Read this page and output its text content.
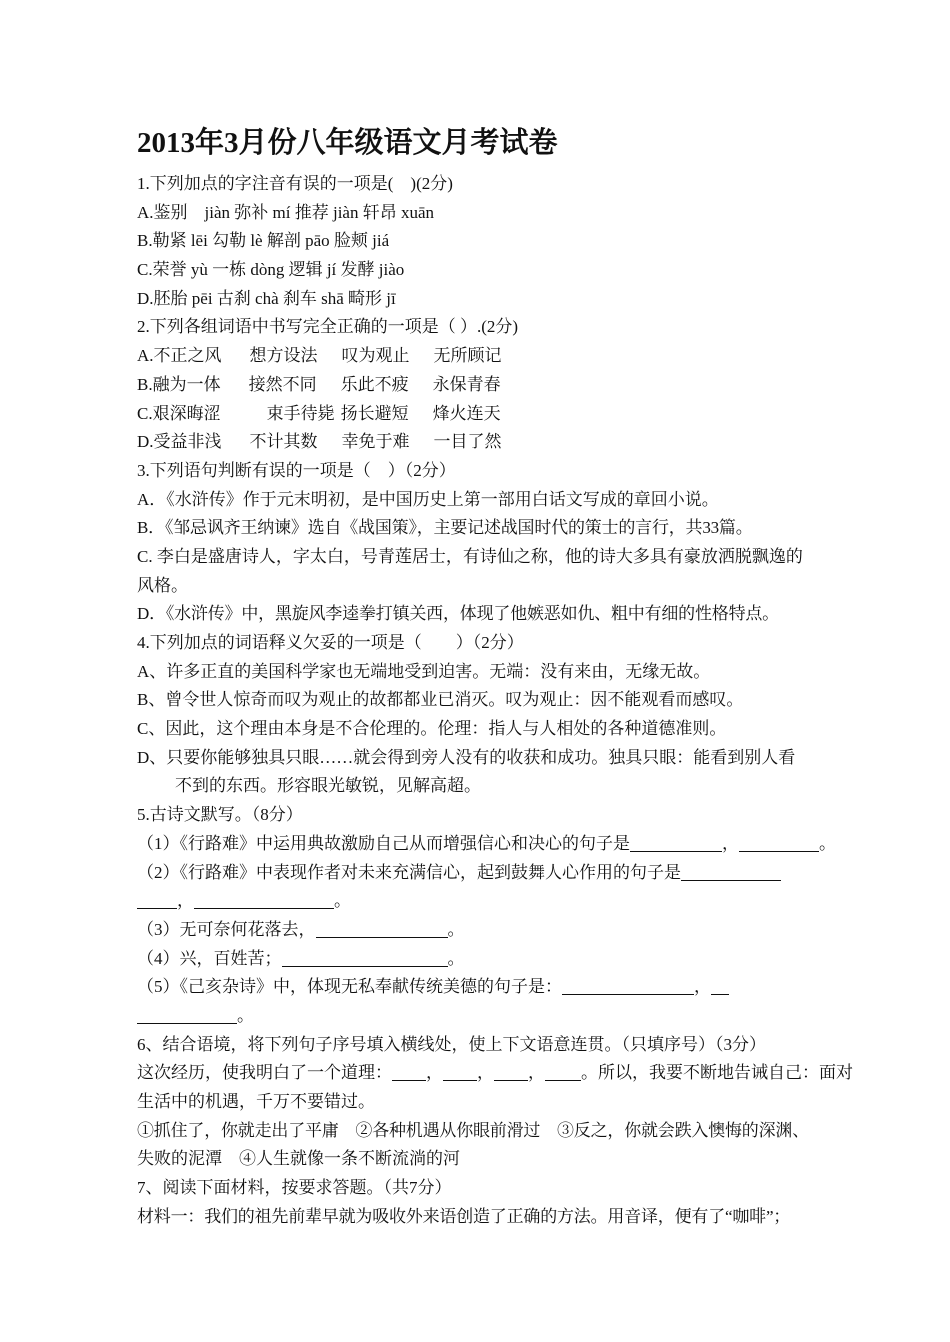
2013年3月份八年级语文月考试卷
1.下列加点的字注音有误的一项是(　)(2分)
A.鉴别　jiàn 弥补 mí 推荐 jiàn 轩昂 xuān
B.勒紧 lēi 勾勒 lè 解剖 pāo 脸颊 jiá
C.荣誉 yù 一栋 dòng 逻辑 jí 发酵 jiào
D.胚胎 pēi 古刹 chà 刹车 shā 畸形 jī
2.下列各组词语中书写完全正确的一项是（ ）.(2分)
A.不正之风 想方设法 叹为观止 无所顾记
B.融为一体 接然不同 乐此不疲 永保青春
C.艰深晦涩	束手待毙 扬长避短 烽火连天
D.受益非浅 不计其数 幸免于难 一目了然
3.下列语句判断有误的一项是（　）（2分）
A．《水浒传》作于元末明初，是中国历史上第一部用白话文写成的章回小说。
B．《邹忌讽齐王纳谏》选自《战国策》，主要记述战国时代的策士的言行，共33篇。
C. 李白是盛唐诗人，字太白，号青莲居士，有诗仙之称，他的诗大多具有豪放洒脱飘逸的
风格。
D．《水浒传》中，黑旋风李逵拳打镇关西，体现了他嫉恶如仇、粗中有细的性格特点。
4.下列加点的词语释义欠妥的一项是（　　）（2分）
A、许多正直的美国科学家也无端地受到迫害。无端：没有来由，无缘无故。
B、曾令世人惊奇而叹为观止的故都都业已消灭。叹为观止：因不能观看而感叹。
C、因此，这个理由本身是不合伦理的。伦理：指人与人相处的各种道德准则。
D、只要你能够独具只眼……就会得到旁人没有的收获和成功。独具只眼：能看到别人看
不到的东西。形容眼光敏锐，见解高超。
5.古诗文默写。（8分）
（1）《行路难》中运用典故激励自己从而增强信心和决心的句子是	，	。
（2）《行路难》中表现作者对未来充满信心，起到鼓舞人心作用的句子是
，	。
（3）无可奈何花落去，	。
（4）兴，百姓苦；	。
（5）《己亥杂诗》中，体现无私奉献传统美德的句子是：	，
。
6、结合语境，将下列句子序号填入横线处，使上下文语意连贯。（只填序号）（3分）
这次经历，使我明白了一个道理： ， ， ， 。所以，我要不断地告诫自己：面对
生活中的机遇，千万不要错过。
①抓住了，你就走出了平庸　②各种机遇从你眼前滑过　③反之，你就会跌入懊悔的深渊、
失败的泥潭　④人生就像一条不断流淌的河
7、阅读下面材料，按要求答题。（共7分）
材料一：我们的祖先前辈早就为吸收外来语创造了正确的方法。用音译，便有了“咖啡”；
